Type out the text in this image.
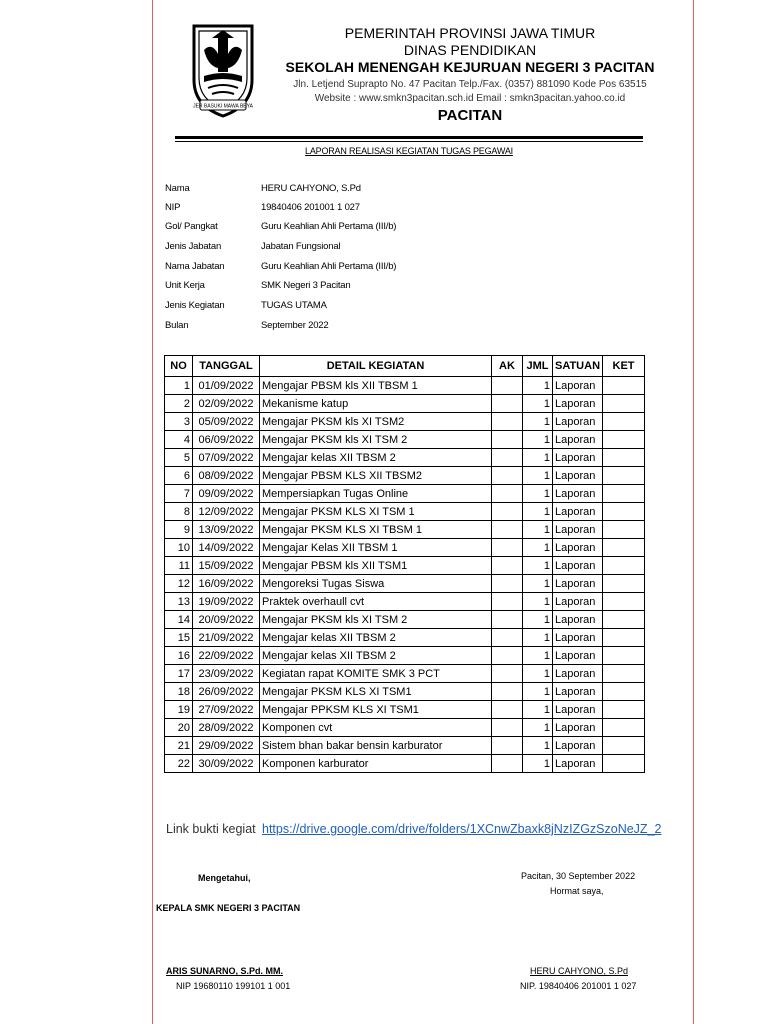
JER BASUKI MAWA BEYA
PEMERINTAH PROVINSI JAWA TIMUR
DINAS PENDIDIKAN
SEKOLAH MENENGAH KEJURUAN NEGERI 3 PACITAN
Jln. Letjend Suprapto No. 47 Pacitan Telp./Fax. (0357) 881090 Kode Pos 63515
Website : www.smkn3pacitan.sch.id Email : smkn3pacitan.yahoo.co.id
PACITAN
LAPORAN REALISASI KEGIATAN TUGAS PEGAWAI
Nama	HERU CAHYONO, S.Pd
NIP	19840406 201001 1 027
Gol/ Pangkat	Guru Keahlian Ahli Pertama (III/b)
Jenis Jabatan	Jabatan Fungsional
Nama Jabatan	Guru Keahlian Ahli Pertama (III/b)
Unit Kerja	SMK Negeri 3 Pacitan
Jenis Kegiatan	TUGAS UTAMA
Bulan	September 2022
NO	TANGGAL	DETAIL KEGIATAN	AK	JML	SATUAN	KET
1	01/09/2022	Mengajar PBSM kls XII TBSM 1		1	Laporan	
2	02/09/2022	Mekanisme katup		1	Laporan	
3	05/09/2022	Mengajar PKSM kls XI TSM2		1	Laporan	
4	06/09/2022	Mengajar PKSM kls XI TSM 2		1	Laporan	
5	07/09/2022	Mengajar kelas XII TBSM 2		1	Laporan	
6	08/09/2022	Mengajar PBSM KLS XII TBSM2		1	Laporan	
7	09/09/2022	Mempersiapkan Tugas Online		1	Laporan	
8	12/09/2022	Mengajar PKSM KLS XI TSM 1		1	Laporan	
9	13/09/2022	Mengajar PKSM KLS XI TBSM 1		1	Laporan	
10	14/09/2022	Mengajar Kelas XII TBSM 1		1	Laporan	
11	15/09/2022	Mengajar PBSM kls XII TSM1		1	Laporan	
12	16/09/2022	Mengoreksi Tugas Siswa		1	Laporan	
13	19/09/2022	Praktek overhaull cvt		1	Laporan	
14	20/09/2022	Mengajar PKSM kls XI TSM 2		1	Laporan	
15	21/09/2022	Mengajar kelas XII TBSM 2		1	Laporan	
16	22/09/2022	Mengajar kelas XII TBSM 2		1	Laporan	
17	23/09/2022	Kegiatan rapat KOMITE SMK 3 PCT		1	Laporan	
18	26/09/2022	Mengajar PKSM KLS XI TSM1		1	Laporan	
19	27/09/2022	Mengajar PPKSM KLS XI TSM1		1	Laporan	
20	28/09/2022	Komponen cvt		1	Laporan	
21	29/09/2022	Sistem bhan bakar bensin karburator		1	Laporan	
22	30/09/2022	Komponen karburator		1	Laporan	
Link bukti kegiat https://drive.google.com/drive/folders/1XCnwZbaxk8jNzIZGzSzoNeJZ_2
Mengetahui,
KEPALA SMK NEGERI 3 PACITAN
ARIS SUNARNO, S.Pd. MM.
NIP 19680110 199101 1 001
Pacitan, 30 September 2022
Hormat saya,
HERU CAHYONO, S.Pd
NIP. 19840406 201001 1 027
